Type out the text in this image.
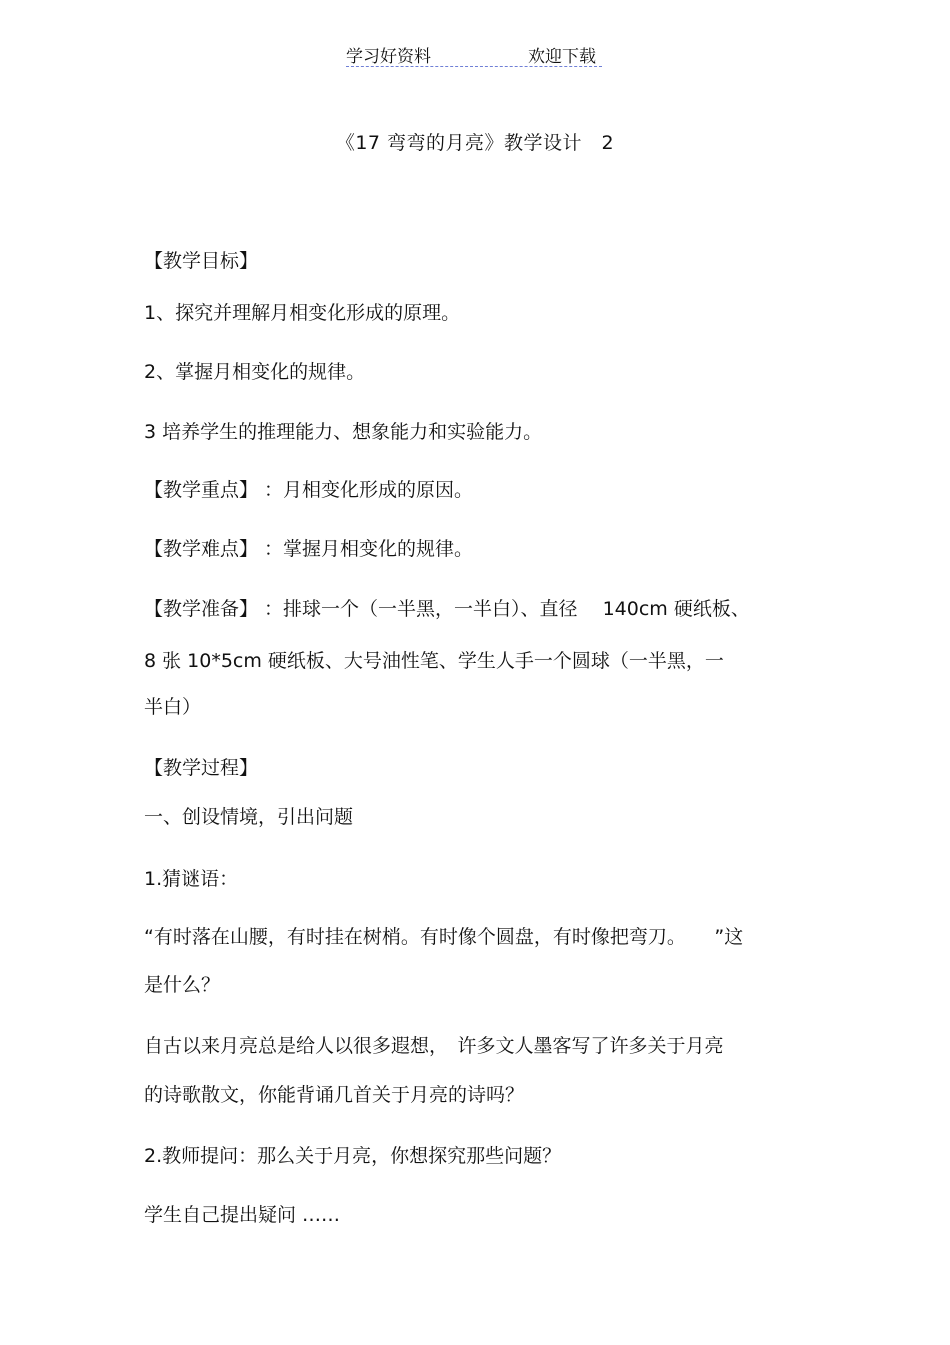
学习好资料	欢迎下载
《17 弯弯的月亮》教学设计　2
【教学目标】
1、探究并理解月相变化形成的原理。
2、掌握月相变化的规律。
3 培养学生的推理能力、想象能力和实验能力。
【教学重点】 ：月相变化形成的原因。
【教学难点】 ：掌握月相变化的规律。
【教学准备】 ：排球一个（一半黑，一半白）、直径　 140cm 硬纸板、
8 张 10*5cm 硬纸板、大号油性笔、学生人手一个圆球（一半黑，一
半白）
【教学过程】
一、创设情境，引出问题
1.猜谜语：
“有时落在山腰，有时挂在树梢。有时像个圆盘，有时像把弯刀。　　”这
是什么？
自古以来月亮总是给人以很多遐想，　许多文人墨客写了许多关于月亮
的诗歌散文，你能背诵几首关于月亮的诗吗？
2.教师提问：那么关于月亮，你想探究那些问题？
学生自己提出疑问 ……
